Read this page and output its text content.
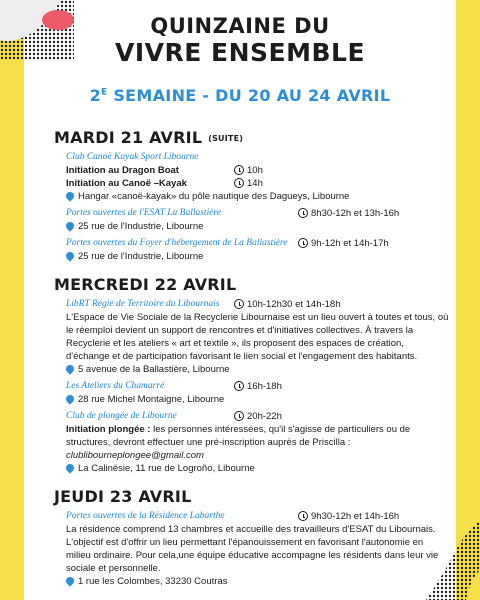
QUINZAINE DU
VIVRE ENSEMBLE
$2^E$ SEMAINE - DU 20 AU 24 AVRIL
MARDI 21 AVRIL (SUITE)
Club Canoë Kayak Sport Libourne
Initiation au Dragon Boat	10h
Initiation au Canoë –Kayak	14h
Hangar «canoë-kayak» du pôle nautique des Dagueys, Libourne
Portes ouvertes de l'ESAT La Ballastière	8h30-12h et 13h-16h
25 rue de l'Industrie, Libourne
Portes ouvertes du Foyer d'hébergement de La Ballastière	9h-12h et 14h-17h
25 rue de l'Industrie, Libourne
MERCREDI 22 AVRIL
LibRT Régie de Territoire du Libournais	10h-12h30 et 14h-18h
L'Espace de Vie Sociale de la Recyclerie Libournaise est un lieu ouvert à toutes et tous, où le réemploi devient un support de rencontres et d'initiatives collectives. À travers la Recyclerie et les ateliers « art et textile », ils proposent des espaces de création, d'échange et de participation favorisant le lien social et l'engagement des habitants.
5 avenue de la Ballastière, Libourne
Les Ateliers du Chamarré	16h-18h
28 rue Michel Montaigne, Libourne
Club de plongée de Libourne	20h-22h
Initiation plongée : les personnes intéressées, qu'il s'agisse de particuliers ou de structures, devront effectuer une pré-inscription auprès de Priscilla : clublibourneplongee@gmail.com
La Calinésie, 11 rue de Logroño, Libourne
JEUDI 23 AVRIL
Portes ouvertes de la Résidence Labarthe	9h30-12h et 14h-16h
La résidence comprend 13 chambres et accueille des travailleurs d'ESAT du Libournais. L'objectif est d'offrir un lieu permettant l'épanouissement en favorisant l'autonomie en milieu ordinaire. Pour cela,une équipe éducative accompagne les résidents dans leur vie sociale et personnelle.
1 rue les Colombes, 33230 Coutras
